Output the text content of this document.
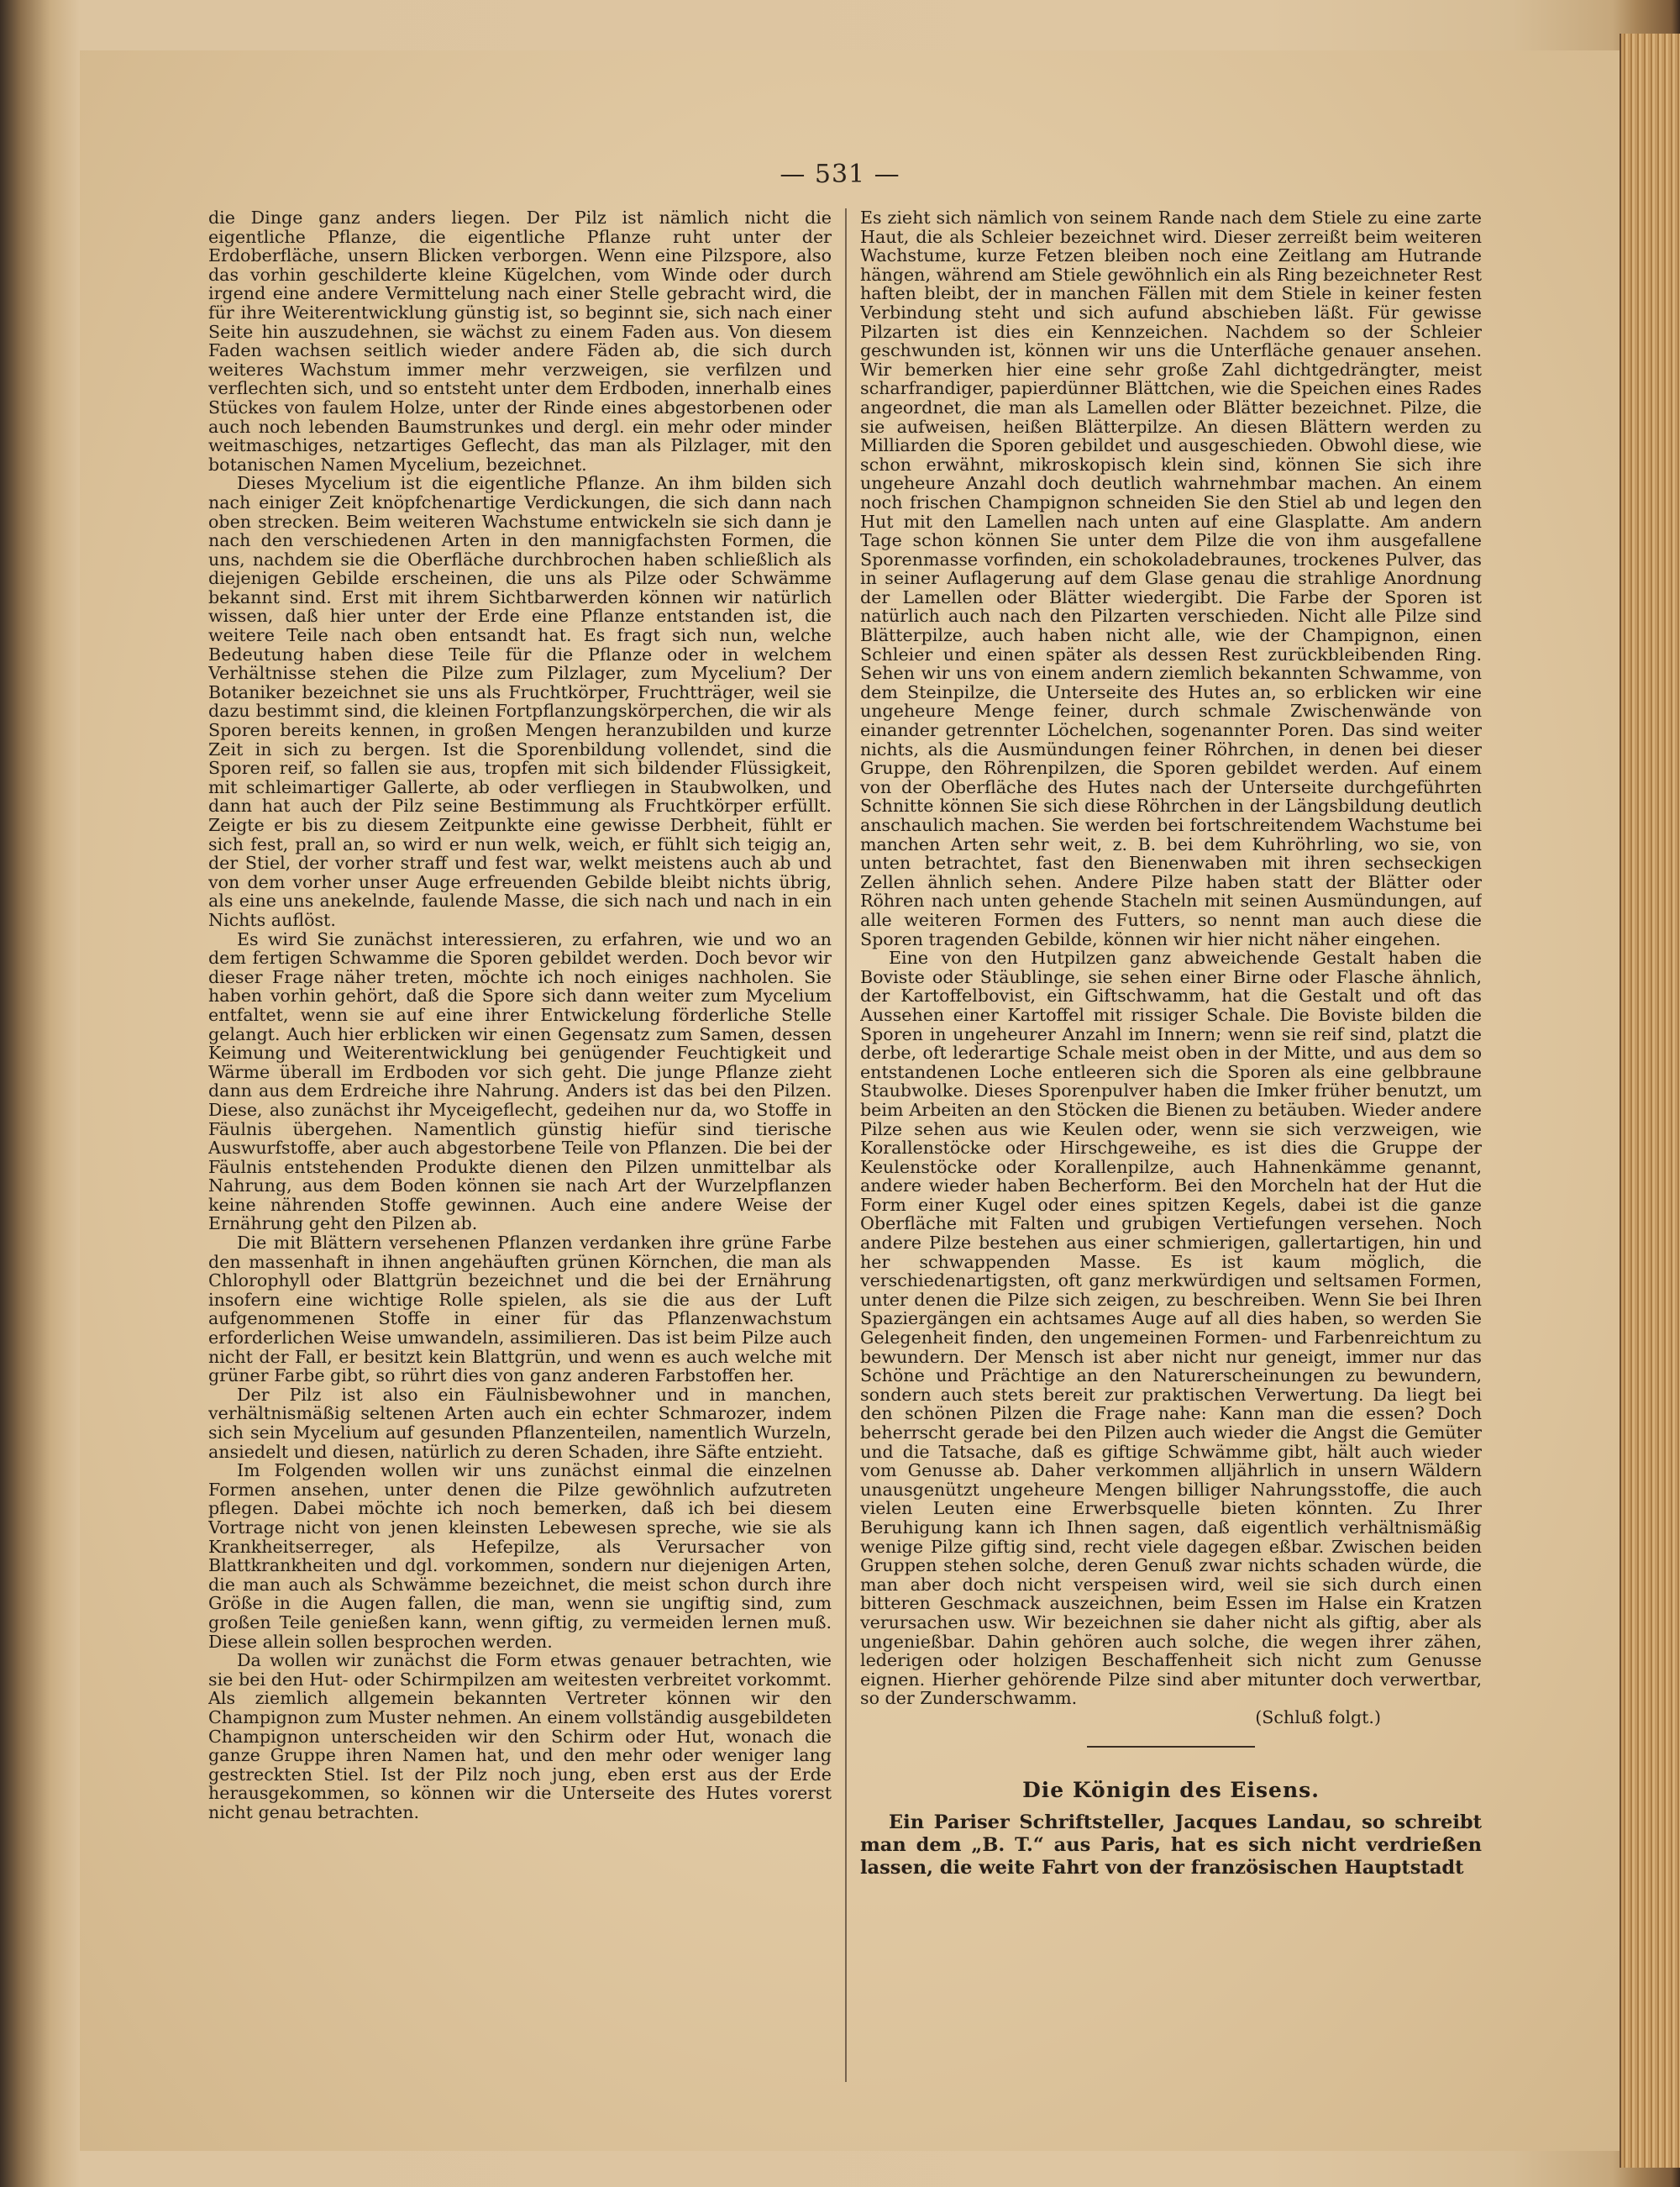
— 531 —

die Dinge ganz anders liegen. Der Pilz ist nämlich nicht die eigentliche Pflanze, die eigentliche Pflanze ruht unter der Erdoberfläche, unsern Blicken verborgen. Wenn eine Pilzspore, also das vorhin geschilderte kleine Kügelchen, vom Winde oder durch irgend eine andere Vermittelung nach einer Stelle gebracht wird, die für ihre Weiterentwicklung günstig ist, so beginnt sie, sich nach einer Seite hin auszudehnen, sie wächst zu einem Faden aus. Von diesem Faden wachsen seitlich wieder andere Fäden ab, die sich durch weiteres Wachstum immer mehr verzweigen, sie verfilzen und verflechten sich, und so entsteht unter dem Erdboden, innerhalb eines Stückes von faulem Holze, unter der Rinde eines abgestorbenen oder auch noch lebenden Baumstrunkes und dergl. ein mehr oder minder weitmaschiges, netzartiges Geflecht, das man als Pilzlager, mit den botanischen Namen Mycelium, bezeichnet.

Dieses Mycelium ist die eigentliche Pflanze. An ihm bilden sich nach einiger Zeit knöpfchenartige Verdickungen, die sich dann nach oben strecken. Beim weiteren Wachstume entwickeln sie sich dann je nach den verschiedenen Arten in den mannigfachsten Formen, die uns, nachdem sie die Oberfläche durchbrochen haben schließlich als diejenigen Gebilde erscheinen, die uns als Pilze oder Schwämme bekannt sind. Erst mit ihrem Sichtbarwerden können wir natürlich wissen, daß hier unter der Erde eine Pflanze entstanden ist, die weitere Teile nach oben entsandt hat. Es fragt sich nun, welche Bedeutung haben diese Teile für die Pflanze oder in welchem Verhältnisse stehen die Pilze zum Pilzlager, zum Mycelium? Der Botaniker bezeichnet sie uns als Fruchtkörper, Fruchtträger, weil sie dazu bestimmt sind, die kleinen Fortpflanzungskörperchen, die wir als Sporen bereits kennen, in großen Mengen heranzubilden und kurze Zeit in sich zu bergen. Ist die Sporenbildung vollendet, sind die Sporen reif, so fallen sie aus, tropfen mit sich bildender Flüssigkeit, mit schleimartiger Gallerte, ab oder verfliegen in Staubwolken, und dann hat auch der Pilz seine Bestimmung als Fruchtkörper erfüllt. Zeigte er bis zu diesem Zeitpunkte eine gewisse Derbheit, fühlt er sich fest, prall an, so wird er nun welk, weich, er fühlt sich teigig an, der Stiel, der vorher straff und fest war, welkt meistens auch ab und von dem vorher unser Auge erfreuenden Gebilde bleibt nichts übrig, als eine uns anekelnde, faulende Masse, die sich nach und nach in ein Nichts auflöst.

Es wird Sie zunächst interessieren, zu erfahren, wie und wo an dem fertigen Schwamme die Sporen gebildet werden. Doch bevor wir dieser Frage näher treten, möchte ich noch einiges nachholen. Sie haben vorhin gehört, daß die Spore sich dann weiter zum Mycelium entfaltet, wenn sie auf eine ihrer Entwickelung förderliche Stelle gelangt. Auch hier erblicken wir einen Gegensatz zum Samen, dessen Keimung und Weiterentwicklung bei genügender Feuchtigkeit und Wärme überall im Erdboden vor sich geht. Die junge Pflanze zieht dann aus dem Erdreiche ihre Nahrung. Anders ist das bei den Pilzen. Diese, also zunächst ihr Myceigeflecht, gedeihen nur da, wo Stoffe in Fäulnis übergehen. Namentlich günstig hiefür sind tierische Auswurfstoffe, aber auch abgestorbene Teile von Pflanzen. Die bei der Fäulnis entstehenden Produkte dienen den Pilzen unmittelbar als Nahrung, aus dem Boden können sie nach Art der Wurzelpflanzen keine nährenden Stoffe gewinnen. Auch eine andere Weise der Ernährung geht den Pilzen ab.

Die mit Blättern versehenen Pflanzen verdanken ihre grüne Farbe den massenhaft in ihnen angehäuften grünen Körnchen, die man als Chlorophyll oder Blattgrün bezeichnet und die bei der Ernährung insofern eine wichtige Rolle spielen, als sie die aus der Luft aufgenommenen Stoffe in einer für das Pflanzenwachstum erforderlichen Weise umwandeln, assimilieren. Das ist beim Pilze auch nicht der Fall, er besitzt kein Blattgrün, und wenn es auch welche mit grüner Farbe gibt, so rührt dies von ganz anderen Farbstoffen her.

Der Pilz ist also ein Fäulnisbewohner und in manchen, verhältnismäßig seltenen Arten auch ein echter Schmarozer, indem sich sein Mycelium auf gesunden Pflanzenteilen, namentlich Wurzeln, ansiedelt und diesen, natürlich zu deren Schaden, ihre Säfte entzieht.

Im Folgenden wollen wir uns zunächst einmal die einzelnen Formen ansehen, unter denen die Pilze gewöhnlich aufzutreten pflegen. Dabei möchte ich noch bemerken, daß ich bei diesem Vortrage nicht von jenen kleinsten Lebewesen spreche, wie sie als Krankheitserreger, als Hefepilze, als Verursacher von Blattkrankheiten und dgl. vorkommen, sondern nur diejenigen Arten, die man auch als Schwämme bezeichnet, die meist schon durch ihre Größe in die Augen fallen, die man, wenn sie ungiftig sind, zum großen Teile genießen kann, wenn giftig, zu vermeiden lernen muß. Diese allein sollen besprochen werden.

Da wollen wir zunächst die Form etwas genauer betrachten, wie sie bei den Hut- oder Schirmpilzen am weitesten verbreitet vorkommt. Als ziemlich allgemein bekannten Vertreter können wir den Champignon zum Muster nehmen. An einem vollständig ausgebildeten Champignon unterscheiden wir den Schirm oder Hut, wonach die ganze Gruppe ihren Namen hat, und den mehr oder weniger lang gestreckten Stiel. Ist der Pilz noch jung, eben erst aus der Erde herausgekommen, so können wir die Unterseite des Hutes vorerst nicht genau betrachten.

Es zieht sich nämlich von seinem Rande nach dem Stiele zu eine zarte Haut, die als Schleier bezeichnet wird. Dieser zerreißt beim weiteren Wachstume, kurze Fetzen bleiben noch eine Zeitlang am Hutrande hängen, während am Stiele gewöhnlich ein als Ring bezeichneter Rest haften bleibt, der in manchen Fällen mit dem Stiele in keiner festen Verbindung steht und sich aufund abschieben läßt. Für gewisse Pilzarten ist dies ein Kennzeichen. Nachdem so der Schleier geschwunden ist, können wir uns die Unterfläche genauer ansehen. Wir bemerken hier eine sehr große Zahl dichtgedrängter, meist scharfrandiger, papierdünner Blättchen, wie die Speichen eines Rades angeordnet, die man als Lamellen oder Blätter bezeichnet. Pilze, die sie aufweisen, heißen Blätterpilze. An diesen Blättern werden zu Milliarden die Sporen gebildet und ausgeschieden. Obwohl diese, wie schon erwähnt, mikroskopisch klein sind, können Sie sich ihre ungeheure Anzahl doch deutlich wahrnehmbar machen. An einem noch frischen Champignon schneiden Sie den Stiel ab und legen den Hut mit den Lamellen nach unten auf eine Glasplatte. Am andern Tage schon können Sie unter dem Pilze die von ihm ausgefallene Sporenmasse vorfinden, ein schokoladebraunes, trockenes Pulver, das in seiner Auflagerung auf dem Glase genau die strahlige Anordnung der Lamellen oder Blätter wiedergibt. Die Farbe der Sporen ist natürlich auch nach den Pilzarten verschieden. Nicht alle Pilze sind Blätterpilze, auch haben nicht alle, wie der Champignon, einen Schleier und einen später als dessen Rest zurückbleibenden Ring. Sehen wir uns von einem andern ziemlich bekannten Schwamme, von dem Steinpilze, die Unterseite des Hutes an, so erblicken wir eine ungeheure Menge feiner, durch schmale Zwischenwände von einander getrennter Löchelchen, sogenannter Poren. Das sind weiter nichts, als die Ausmündungen feiner Röhrchen, in denen bei dieser Gruppe, den Röhrenpilzen, die Sporen gebildet werden. Auf einem von der Oberfläche des Hutes nach der Unterseite durchgeführten Schnitte können Sie sich diese Röhrchen in der Längsbildung deutlich anschaulich machen. Sie werden bei fortschreitendem Wachstume bei manchen Arten sehr weit, z. B. bei dem Kuhröhrling, wo sie, von unten betrachtet, fast den Bienenwaben mit ihren sechseckigen Zellen ähnlich sehen. Andere Pilze haben statt der Blätter oder Röhren nach unten gehende Stacheln mit seinen Ausmündungen, auf alle weiteren Formen des Futters, so nennt man auch diese die Sporen tragenden Gebilde, können wir hier nicht näher eingehen.

Eine von den Hutpilzen ganz abweichende Gestalt haben die Boviste oder Stäublinge, sie sehen einer Birne oder Flasche ähnlich, der Kartoffelbovist, ein Giftschwamm, hat die Gestalt und oft das Aussehen einer Kartoffel mit rissiger Schale. Die Boviste bilden die Sporen in ungeheurer Anzahl im Innern; wenn sie reif sind, platzt die derbe, oft lederartige Schale meist oben in der Mitte, und aus dem so entstandenen Loche entleeren sich die Sporen als eine gelbbraune Staubwolke. Dieses Sporenpulver haben die Imker früher benutzt, um beim Arbeiten an den Stöcken die Bienen zu betäuben. Wieder andere Pilze sehen aus wie Keulen oder, wenn sie sich verzweigen, wie Korallenstöcke oder Hirschgeweihe, es ist dies die Gruppe der Keulenstöcke oder Korallenpilze, auch Hahnenkämme genannt, andere wieder haben Becherform. Bei den Morcheln hat der Hut die Form einer Kugel oder eines spitzen Kegels, dabei ist die ganze Oberfläche mit Falten und grubigen Vertiefungen versehen. Noch andere Pilze bestehen aus einer schmierigen, gallertartigen, hin und her schwappenden Masse. Es ist kaum möglich, die verschiedenartigsten, oft ganz merkwürdigen und seltsamen Formen, unter denen die Pilze sich zeigen, zu beschreiben. Wenn Sie bei Ihren Spaziergängen ein achtsames Auge auf all dies haben, so werden Sie Gelegenheit finden, den ungemeinen Formen- und Farbenreichtum zu bewundern. Der Mensch ist aber nicht nur geneigt, immer nur das Schöne und Prächtige an den Naturerscheinungen zu bewundern, sondern auch stets bereit zur praktischen Verwertung. Da liegt bei den schönen Pilzen die Frage nahe: Kann man die essen? Doch beherrscht gerade bei den Pilzen auch wieder die Angst die Gemüter und die Tatsache, daß es giftige Schwämme gibt, hält auch wieder vom Genusse ab. Daher verkommen alljährlich in unsern Wäldern unausgenützt ungeheure Mengen billiger Nahrungsstoffe, die auch vielen Leuten eine Erwerbsquelle bieten könnten. Zu Ihrer Beruhigung kann ich Ihnen sagen, daß eigentlich verhältnismäßig wenige Pilze giftig sind, recht viele dagegen eßbar. Zwischen beiden Gruppen stehen solche, deren Genuß zwar nichts schaden würde, die man aber doch nicht verspeisen wird, weil sie sich durch einen bitteren Geschmack auszeichnen, beim Essen im Halse ein Kratzen verursachen usw. Wir bezeichnen sie daher nicht als giftig, aber als ungenießbar. Dahin gehören auch solche, die wegen ihrer zähen, lederigen oder holzigen Beschaffenheit sich nicht zum Genusse eignen. Hierher gehörende Pilze sind aber mitunter doch verwertbar, so der Zunderschwamm.

(Schluß folgt.)

Die Königin des Eisens.

Ein Pariser Schriftsteller, Jacques Landau, so schreibt man dem „B. T.“ aus Paris, hat es sich nicht verdrießen lassen, die weite Fahrt von der französischen Hauptstadt
